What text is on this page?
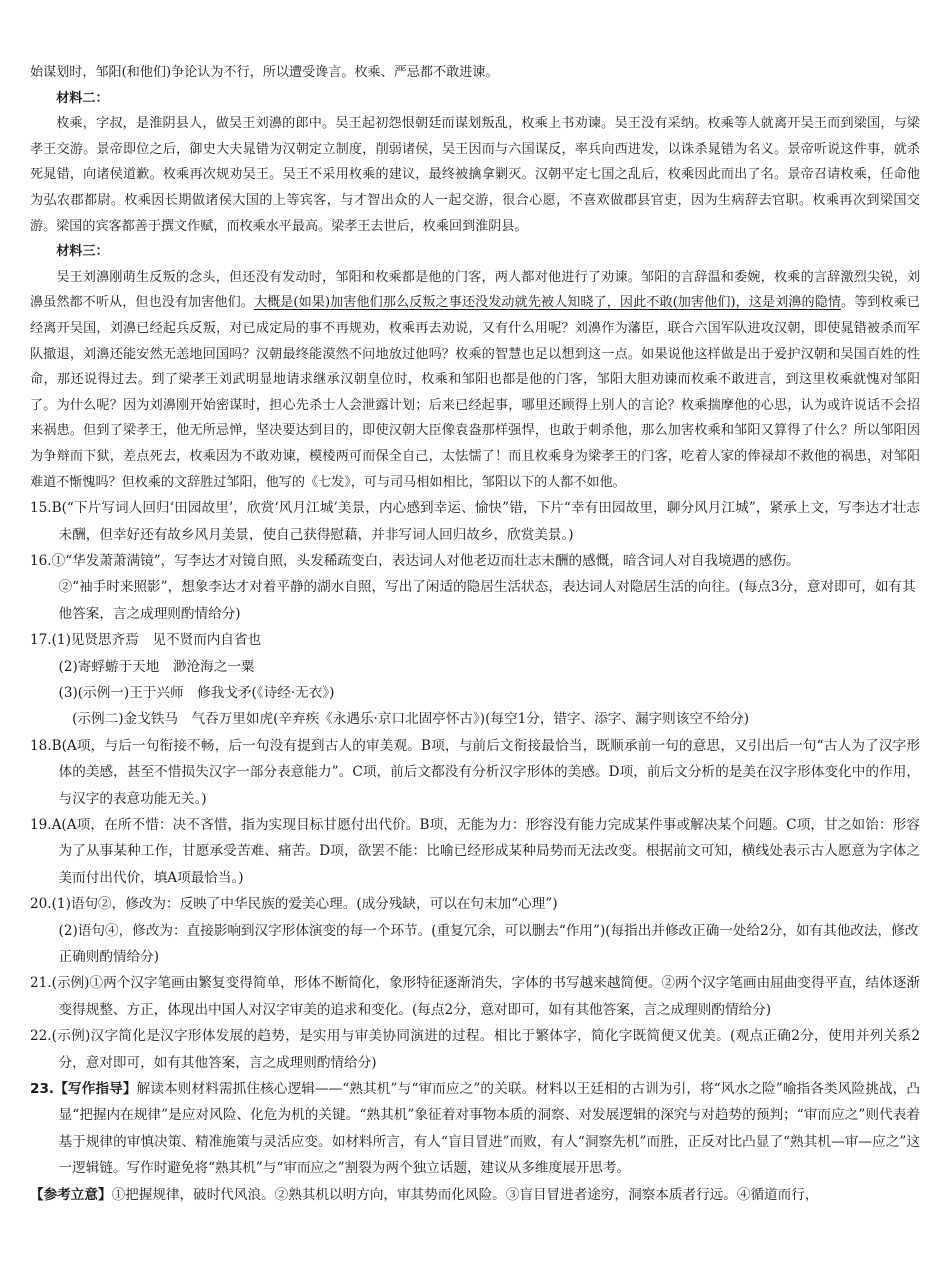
始谋划时，邹阳(和他们)争论认为不行，所以遭受谗言。枚乘、严忌都不敢进谏。

材料二：

枚乘，字叔，是淮阴县人，做吴王刘濞的郎中。吴王起初怨恨朝廷而谋划叛乱，枚乘上书劝谏。吴王没有采纳。枚乘等人就离开吴王而到梁国，与梁孝王交游。景帝即位之后，御史大夫晁错为汉朝定立制度，削弱诸侯，吴王因而与六国谋反，率兵向西进发，以诛杀晁错为名义。景帝听说这件事，就杀死晁错，向诸侯道歉。枚乘再次规劝吴王。吴王不采用枚乘的建议，最终被擒拿剿灭。汉朝平定七国之乱后，枚乘因此而出了名。景帝召请枚乘，任命他为弘农郡都尉。枚乘因长期做诸侯大国的上等宾客，与才智出众的人一起交游，很合心愿，不喜欢做郡县官吏，因为生病辞去官职。枚乘再次到梁国交游。梁国的宾客都善于撰文作赋，而枚乘水平最高。梁孝王去世后，枚乘回到淮阴县。

材料三：

吴王刘濞刚萌生反叛的念头，但还没有发动时，邹阳和枚乘都是他的门客，两人都对他进行了劝谏。邹阳的言辞温和委婉，枚乘的言辞激烈尖锐，刘濞虽然都不听从，但也没有加害他们。大概是(如果)加害他们那么反叛之事还没发动就先被人知晓了，因此不敢(加害他们)，这是刘濞的隐情。等到枚乘已经离开吴国，刘濞已经起兵反叛，对已成定局的事不再规劝，枚乘再去劝说，又有什么用呢？刘濞作为藩臣，联合六国军队进攻汉朝，即使晁错被杀而军队撤退，刘濞还能安然无恙地回国吗？汉朝最终能漠然不问地放过他吗？枚乘的智慧也足以想到这一点。如果说他这样做是出于爱护汉朝和吴国百姓的性命，那还说得过去。到了梁孝王刘武明显地请求继承汉朝皇位时，枚乘和邹阳也都是他的门客，邹阳大胆劝谏而枚乘不敢进言，到这里枚乘就愧对邹阳了。为什么呢？因为刘濞刚开始密谋时，担心先杀士人会泄露计划；后来已经起事，哪里还顾得上别人的言论？枚乘揣摩他的心思，认为或许说话不会招来祸患。但到了梁孝王，他无所忌惮，坚决要达到目的，即使汉朝大臣像袁盎那样强悍，也敢于刺杀他，那么加害枚乘和邹阳又算得了什么？所以邹阳因为争辩而下狱，差点死去，枚乘因为不敢劝谏，模棱两可而保全自己，太怯懦了！而且枚乘身为梁孝王的门客，吃着人家的俸禄却不救他的祸患，对邹阳难道不惭愧吗？但枚乘的文辞胜过邹阳，他写的《七发》，可与司马相如相比，邹阳以下的人都不如他。

15.B(“下片写词人回归‘田园故里’，欣赏‘风月江城’美景，内心感到幸运、愉快”错，下片“幸有田园故里，聊分风月江城”，紧承上文，写李达才壮志未酬，但幸好还有故乡风月美景，使自己获得慰藉，并非写词人回归故乡，欣赏美景。)

16.①“华发萧萧满镜”，写李达才对镜自照，头发稀疏变白，表达词人对他老迈而壮志未酬的感慨，暗含词人对自我境遇的感伤。

②“袖手时来照影”，想象李达才对着平静的湖水自照，写出了闲适的隐居生活状态，表达词人对隐居生活的向往。(每点3分，意对即可，如有其他答案，言之成理则酌情给分)

17.(1)见贤思齐焉　见不贤而内自省也

(2)寄蜉蝣于天地　渺沧海之一粟

(3)(示例一)王于兴师　修我戈矛(《诗经·无衣》)

(示例二)金戈铁马　气吞万里如虎(辛弃疾《永遇乐·京口北固亭怀古》)(每空1分，错字、添字、漏字则该空不给分)

18.B(A项，与后一句衔接不畅，后一句没有提到古人的审美观。B项，与前后文衔接最恰当，既顺承前一句的意思，又引出后一句“古人为了汉字形体的美感，甚至不惜损失汉字一部分表意能力”。C项，前后文都没有分析汉字形体的美感。D项，前后文分析的是美在汉字形体变化中的作用，与汉字的表意功能无关。)

19.A(A项，在所不惜：决不吝惜，指为实现目标甘愿付出代价。B项，无能为力：形容没有能力完成某件事或解决某个问题。C项，甘之如饴：形容为了从事某种工作，甘愿承受苦难、痛苦。D项，欲罢不能：比喻已经形成某种局势而无法改变。根据前文可知，横线处表示古人愿意为字体之美而付出代价，填A项最恰当。)

20.(1)语句②，修改为：反映了中华民族的爱美心理。(成分残缺，可以在句末加“心理”)

(2)语句④，修改为：直接影响到汉字形体演变的每一个环节。(重复冗余，可以删去“作用”)(每指出并修改正确一处给2分，如有其他改法，修改正确则酌情给分)

21.(示例)①两个汉字笔画由繁复变得简单，形体不断简化，象形特征逐渐消失，字体的书写越来越简便。②两个汉字笔画由屈曲变得平直，结体逐渐变得规整、方正，体现出中国人对汉字审美的追求和变化。(每点2分，意对即可，如有其他答案，言之成理则酌情给分)

22.(示例)汉字简化是汉字形体发展的趋势，是实用与审美协同演进的过程。相比于繁体字，简化字既简便又优美。(观点正确2分，使用并列关系2分，意对即可，如有其他答案，言之成理则酌情给分)

23.【写作指导】解读本则材料需抓住核心逻辑——“熟其机”与“审而应之”的关联。材料以王廷相的古训为引，将“风水之险”喻指各类风险挑战，凸显“把握内在规律”是应对风险、化危为机的关键。“熟其机”象征着对事物本质的洞察、对发展逻辑的深究与对趋势的预判；“审而应之”则代表着基于规律的审慎决策、精准施策与灵活应变。如材料所言，有人“盲目冒进”而败，有人“洞察先机”而胜，正反对比凸显了“熟其机—审—应之”这一逻辑链。写作时避免将“熟其机”与“审而应之”割裂为两个独立话题，建议从多维度展开思考。

【参考立意】①把握规律，破时代风浪。②熟其机以明方向，审其势而化风险。③盲目冒进者途穷，洞察本质者行远。④循道而行，
